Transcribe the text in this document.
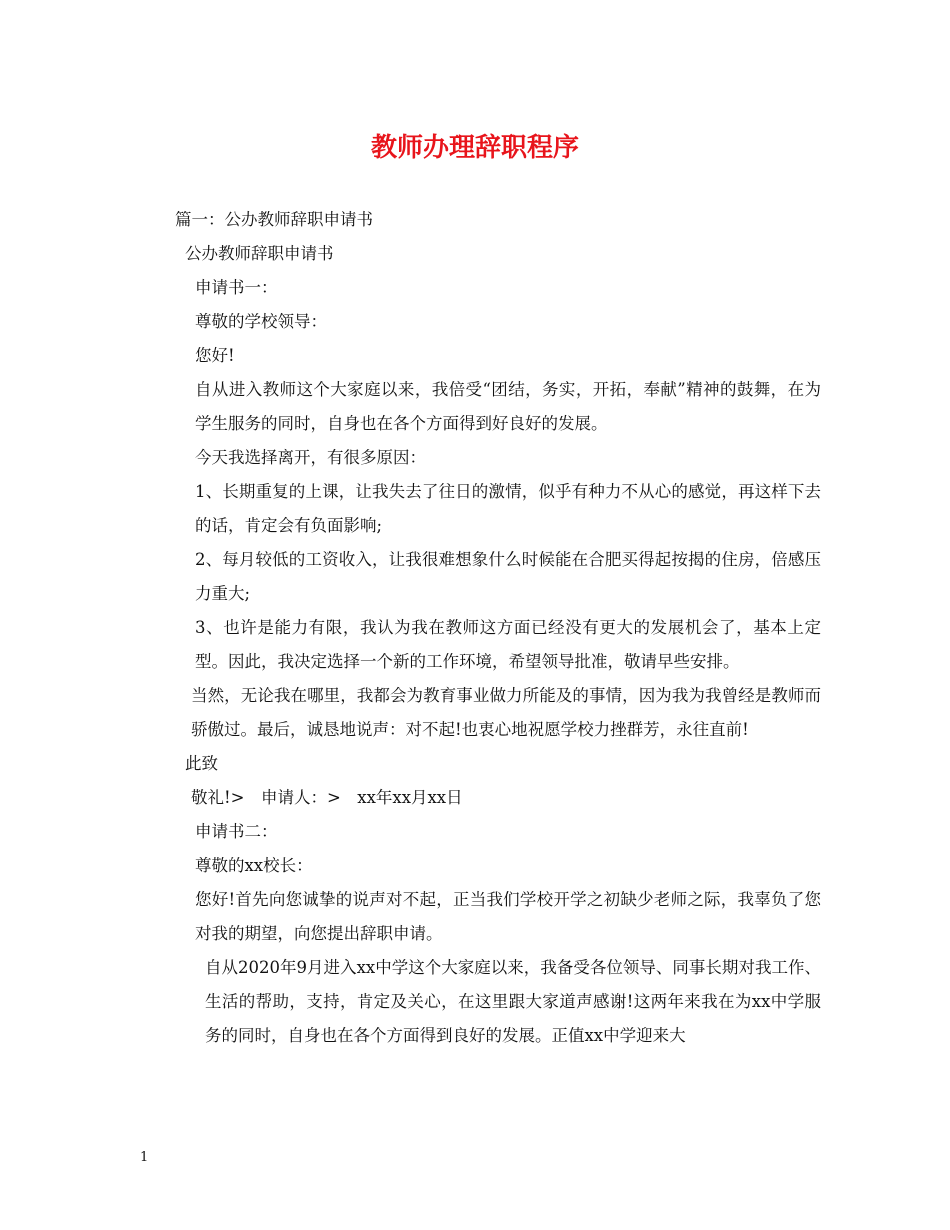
教师办理辞职程序

篇一：公办教师辞职申请书

公办教师辞职申请书

申请书一：

尊敬的学校领导：

您好!

自从进入教师这个大家庭以来，我倍受“团结，务实，开拓，奉献”精神的鼓舞，在为学生服务的同时，自身也在各个方面得到好良好的发展。

今天我选择离开，有很多原因：

1、长期重复的上课，让我失去了往日的激情，似乎有种力不从心的感觉，再这样下去的话，肯定会有负面影响;

2、每月较低的工资收入，让我很难想象什么时候能在合肥买得起按揭的住房，倍感压力重大;

3、也许是能力有限，我认为我在教师这方面已经没有更大的发展机会了，基本上定型。因此，我决定选择一个新的工作环境，希望领导批准，敬请早些安排。

当然，无论我在哪里，我都会为教育事业做力所能及的事情，因为我为我曾经是教师而骄傲过。最后，诚恳地说声：对不起!也衷心地祝愿学校力挫群芳，永往直前!

此致

敬礼!>　申请人：>　xx年xx月xx日

申请书二：

尊敬的xx校长：

您好!首先向您诚挚的说声对不起，正当我们学校开学之初缺少老师之际，我辜负了您对我的期望，向您提出辞职申请。

自从2020年9月进入xx中学这个大家庭以来，我备受各位领导、同事长期对我工作、生活的帮助，支持，肯定及关心，在这里跟大家道声感谢!这两年来我在为xx中学服务的同时，自身也在各个方面得到良好的发展。正值xx中学迎来大

1
